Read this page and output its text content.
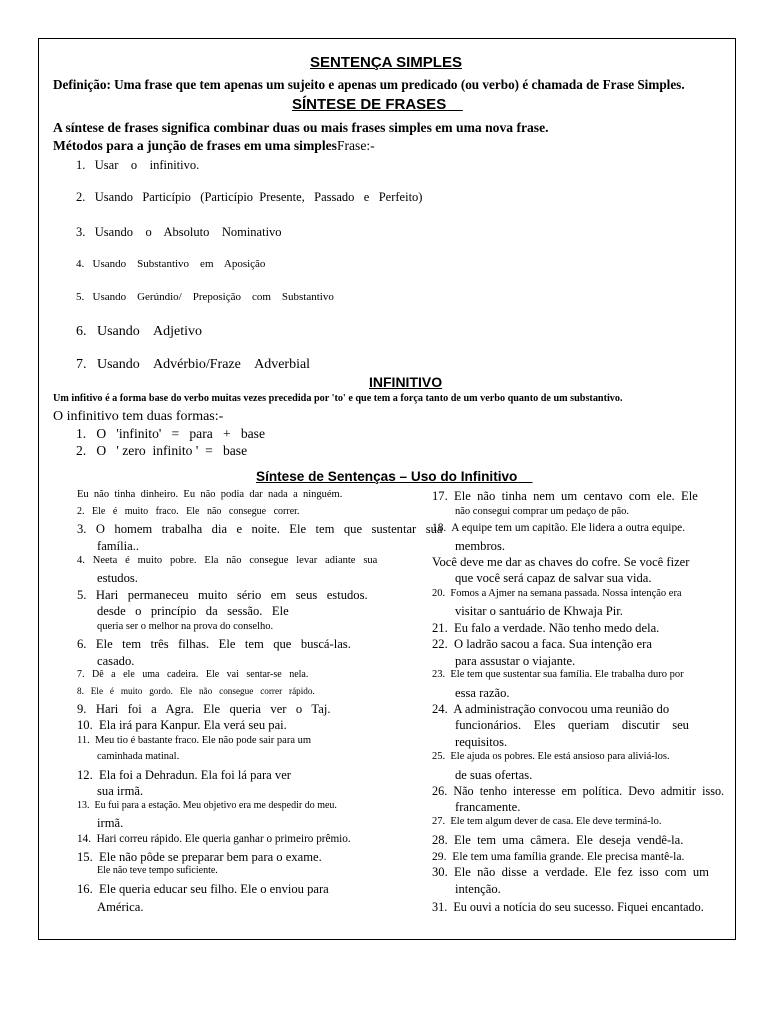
SENTENÇA SIMPLES
Definição: Uma frase que tem apenas um sujeito e apenas um predicado (ou verbo) é chamada de Frase Simples.
SÍNTESE DE FRASES
A síntese de frases significa combinar duas ou mais frases simples em uma nova frase.
Métodos para a junção de frases em uma simplesFrase:-
1.   Usar    o    infinitivo.
2.   Usando   Particípio   (Particípio  Presente,   Passado   e   Perfeito)
3.   Usando    o    Absoluto    Nominativo
4.   Usando    Substantivo    em    Aposição
5.   Usando    Gerúndio/    Preposição    com    Substantivo
6.   Usando    Adjetivo
7.   Usando    Advérbio/Fraze    Adverbial
INFINITIVO
Um infitivo é a forma base do verbo muitas vezes precedida por 'to' e que tem a força tanto de um verbo quanto de um substantivo.
O infinitivo tem duas formas:-
1.   O   'infinito'   =   para   +   base
2.   O   ' zero  infinito '  =   base
Síntese de Sentenças – Uso do Infinitivo
Eu  não  tinha  dinheiro.  Eu  não  podia  dar  nada  a  ninguém.
2.   Ele   é   muito   fraco.   Ele   não   consegue   correr.
3.   O   homem   trabalha   dia   e   noite.   Ele   tem   que   sustentar   sua
família..
4.   Neeta   é   muito   pobre.   Ela   não   consegue   levar   adiante   sua
estudos.
5.   Hari   permaneceu   muito   sério   em   seus   estudos.
desde   o   princípio   da   sessão.   Ele
queria ser o melhor na prova do conselho.
6.   Ele   tem   três   filhas.   Ele   tem   que   buscá-las.
casado.
7.   Dê   a   ele   uma   cadeira.   Ele   vai   sentar-se   nela.
8.   Ele   é   muito   gordo.   Ele   não   consegue   correr   rápido.
9.   Hari   foi   a   Agra.   Ele   queria   ver   o   Taj.
10.  Ela irá para Kanpur. Ela verá seu pai.
11.  Meu tio é bastante fraco. Ele não pode sair para um
caminhada matinal.
12.  Ela foi a Dehradun. Ela foi lá para ver
sua irmã.
13.  Eu fui para a estação. Meu objetivo era me despedir do meu.
irmã.
14.  Hari correu rápido. Ele queria ganhar o primeiro prêmio.
15.  Ele não pôde se preparar bem para o exame.
Ele não teve tempo suficiente.
16.  Ele queria educar seu filho. Ele o enviou para
América.
17.  Ele  não  tinha  nem  um  centavo  com  ele.  Ele
não consegui comprar um pedaço de pão.
18.  A equipe tem um capitão. Ele lidera a outra equipe.
membros.
Você deve me dar as chaves do cofre. Se você fizer
que você será capaz de salvar sua vida.
20.  Fomos a Ajmer na semana passada. Nossa intenção era
visitar o santuário de Khwaja Pir.
21.  Eu falo a verdade. Não tenho medo dela.
22.  O ladrão sacou a faca. Sua intenção era
para assustar o viajante.
23.  Ele tem que sustentar sua família. Ele trabalha duro por
essa razão.
24.  A administração convocou uma reunião do
funcionários.    Eles    queriam    discutir    seu
requisitos.
25.  Ele ajuda os pobres. Ele está ansioso para aliviá-los.
de suas ofertas.
26.  Não  tenho  interesse  em  política.  Devo  admitir  isso.
francamente.
27.  Ele tem algum dever de casa. Ele deve terminá-lo.
28.  Ele  tem  uma  câmera.  Ele  deseja  vendê-la.
29.  Ele tem uma família grande. Ele precisa mantê-la.
30.  Ele  não  disse  a  verdade.  Ele  fez  isso  com  um
intenção.
31.  Eu ouvi a notícia do seu sucesso. Fiquei encantado.
